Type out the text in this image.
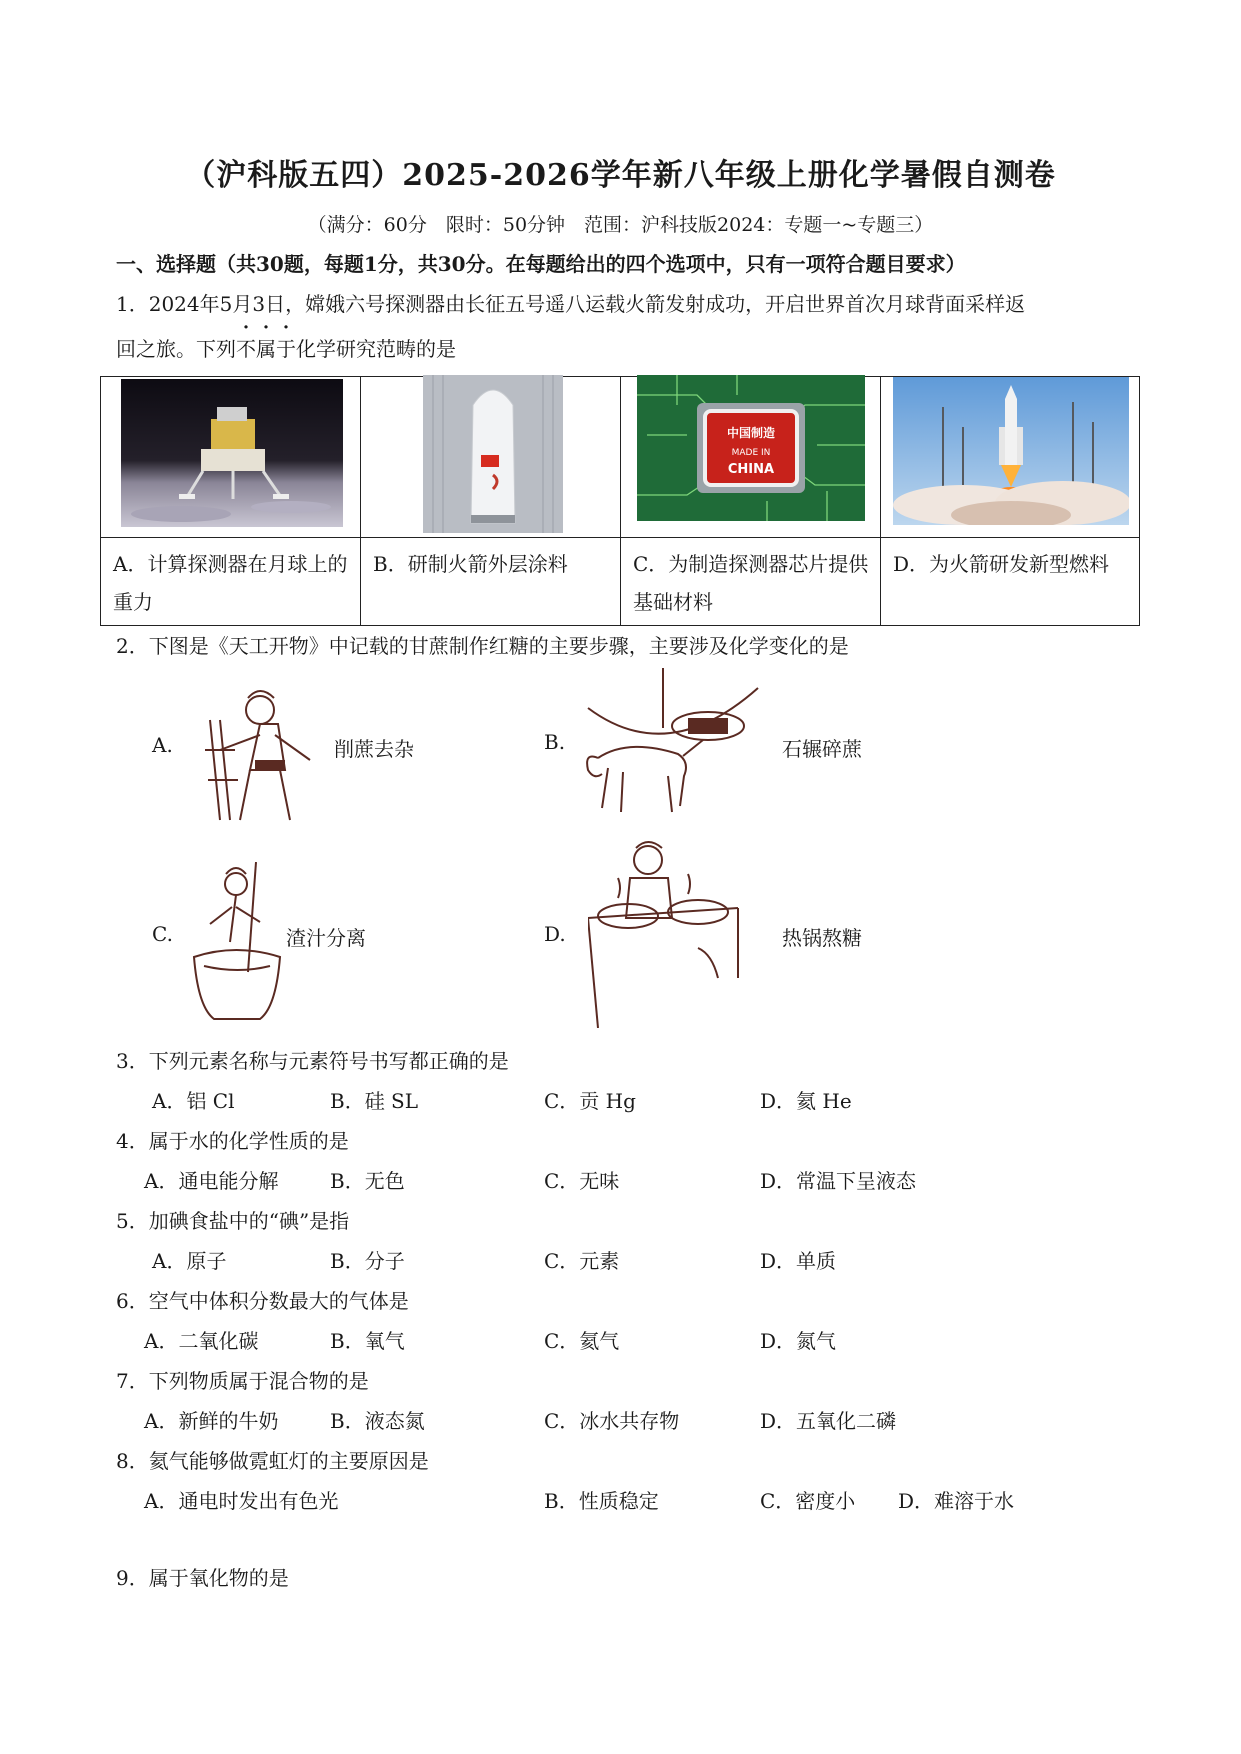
（沪科版五四）2025-2026学年新八年级上册化学暑假自测卷
（满分：60分　限时：50分钟　范围：沪科技版2024：专题一~专题三）
一、选择题（共30题，每题1分，共30分。在每题给出的四个选项中，只有一项符合题目要求）
1．2024年5月3日，嫦娥六号探测器由长征五号遥八运载火箭发射成功，开启世界首次月球背面采样返
回之旅。下列不属于化学研究范畴的是
A．计算探测器在月球上的重力
B．研制火箭外层涂料
中国制造
MADE IN
CHINA
C．为制造探测器芯片提供基础材料
D．为火箭研发新型燃料
2．下图是《天工开物》中记载的甘蔗制作红糖的主要步骤，主要涉及化学变化的是
A.	削蔗去杂	B.	石辗碎蔗
C.	渣汁分离	D.	热锅熬糖
3．下列元素名称与元素符号书写都正确的是
A．铝 Cl	B．硅 SL	C．贡 Hg	D．氦 He
4．属于水的化学性质的是
A．通电能分解	B．无色	C．无味	D．常温下呈液态
5．加碘食盐中的“碘”是指
A．原子	B．分子	C．元素	D．单质
6．空气中体积分数最大的气体是
A．二氧化碳	B．氧气	C．氦气	D．氮气
7．下列物质属于混合物的是
A．新鲜的牛奶	B．液态氮	C．冰水共存物	D．五氧化二磷
8．氦气能够做霓虹灯的主要原因是
A．通电时发出有色光	B．性质稳定	C．密度小 D．难溶于水
9．属于氧化物的是
